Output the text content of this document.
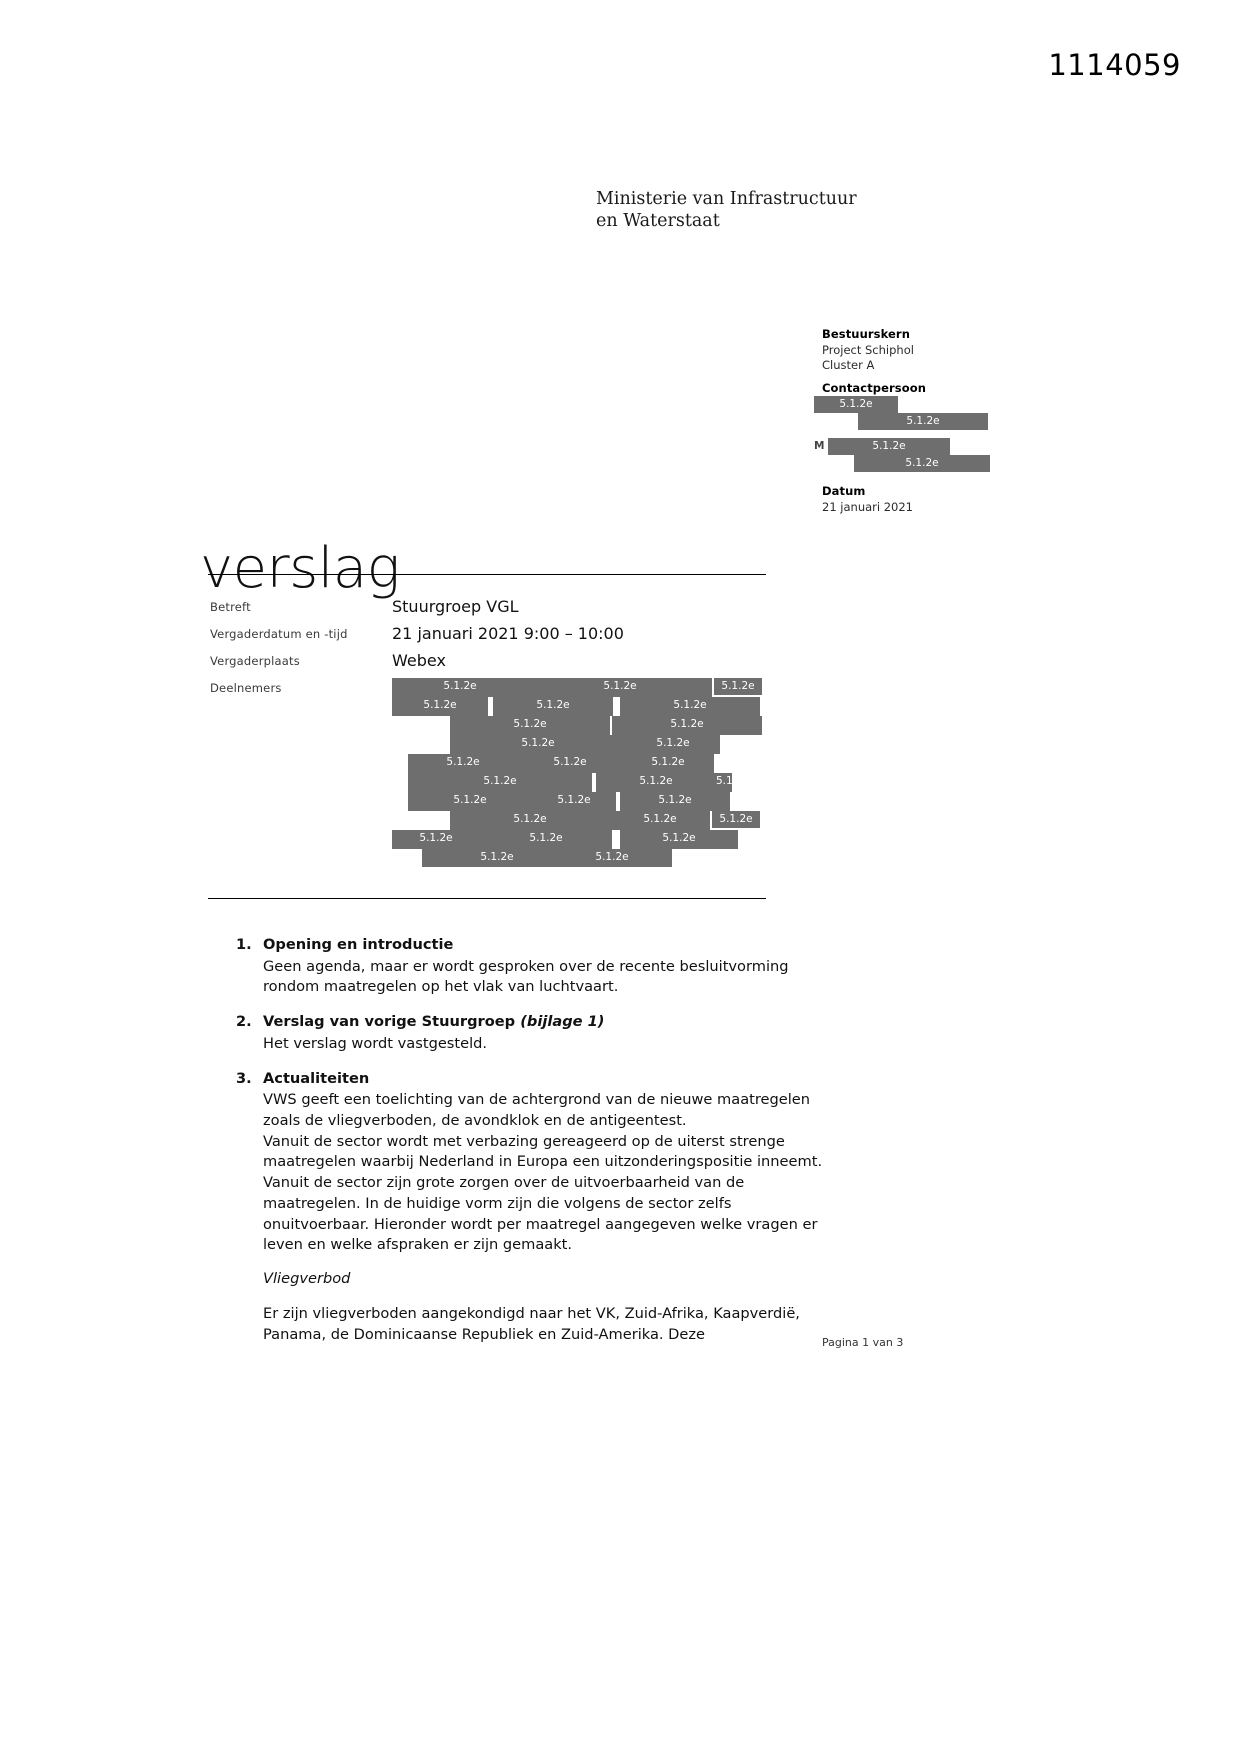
1114059
Ministerie van Infrastructuur
en Waterstaat
Bestuurskern
Project Schiphol
Cluster A
Contactpersoon
5.1.2e
5.1.2e
M	5.1.2e
5.1.2e
Datum
21 januari 2021
verslag
Betreft	Stuurgroep VGL
Vergaderdatum en -tijd	21 januari 2021 9:00 – 10:00
Vergaderplaats	Webex
Deelnemers	5.1.2e	5.1.2e	5.1.2e
5.1.2e	5.1.2e	5.1.2e
5.1.2e	5.1.2e
5.1.2e	5.1.2e
5.1.2e	5.1.2e	5.1.2e
5.1.2e	5.1.2e	5.1.2e
5.1.2e	5.1.2e	5.1.2e
5.1.2e	5.1.2e	5.1.2e
5.1.2e	5.1.2e	5.1.2e
5.1.2e	5.1.2e
1. Opening en introductie

Geen agenda, maar er wordt gesproken over de recente besluitvorming rondom maatregelen op het vlak van luchtvaart.

2. Verslag van vorige Stuurgroep (bijlage 1)

Het verslag wordt vastgesteld.

3. Actualiteiten

VWS geeft een toelichting van de achtergrond van de nieuwe maatregelen zoals de vliegverboden, de avondklok en de antigeentest.

Vanuit de sector wordt met verbazing gereageerd op de uiterst strenge maatregelen waarbij Nederland in Europa een uitzonderingspositie inneemt.

Vanuit de sector zijn grote zorgen over de uitvoerbaarheid van de maatregelen. In de huidige vorm zijn die volgens de sector zelfs onuitvoerbaar. Hieronder wordt per maatregel aangegeven welke vragen er leven en welke afspraken er zijn gemaakt.

Vliegverbod

Er zijn vliegverboden aangekondigd naar het VK, Zuid-Afrika, Kaapverdië, Panama, de Dominicaanse Republiek en Zuid-Amerika. Deze	Pagina 1 van 3
